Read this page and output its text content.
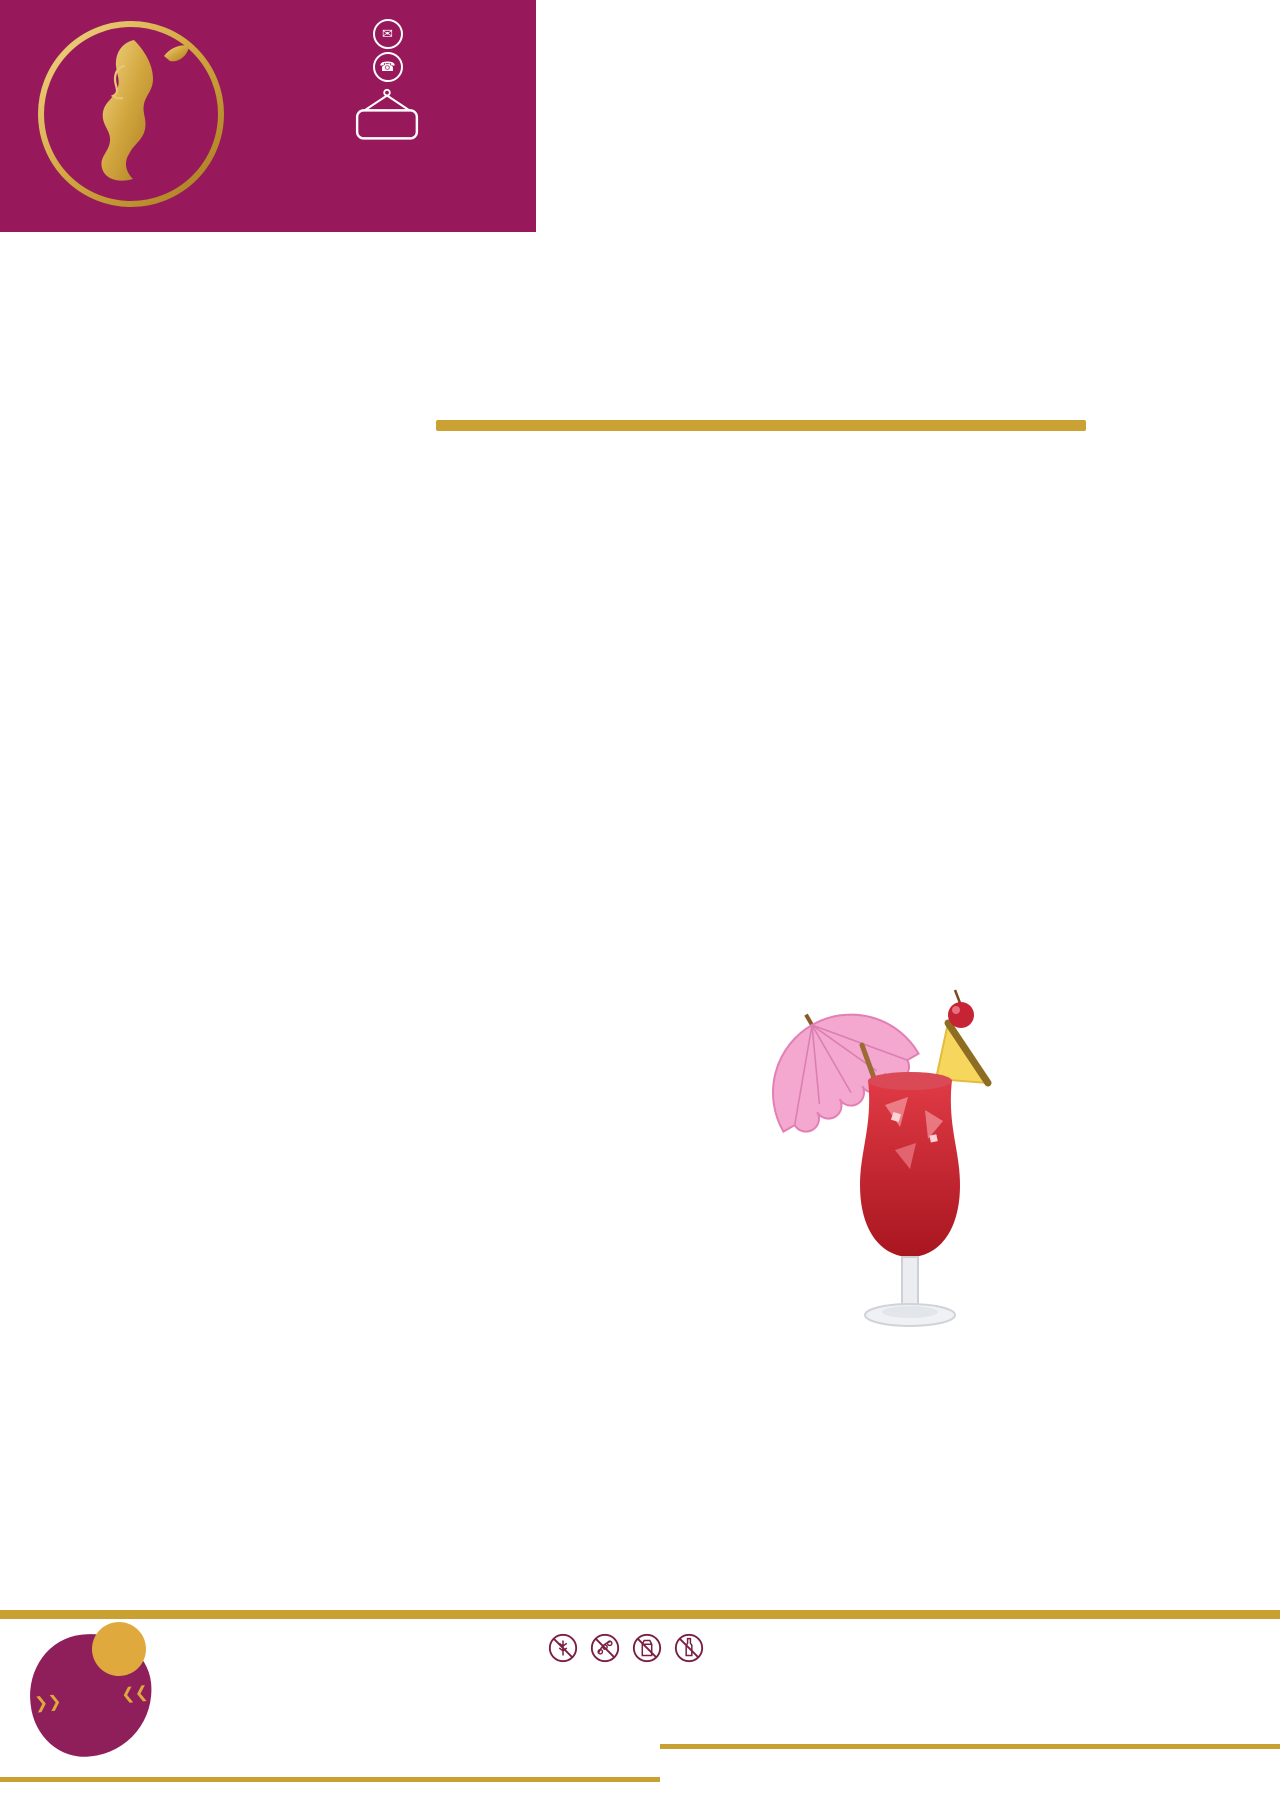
✉
☎
❯❯	❮❮
